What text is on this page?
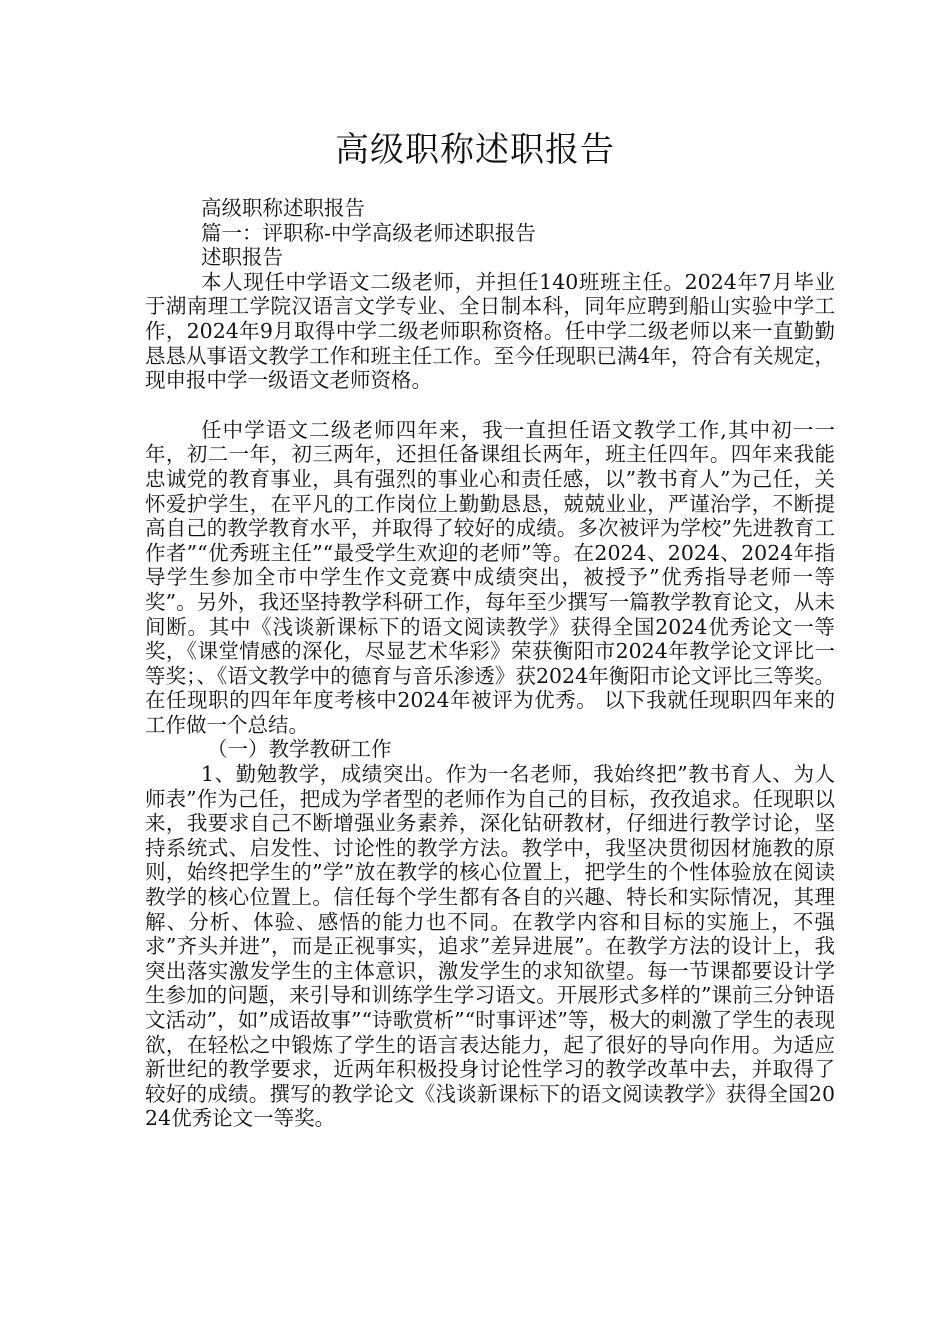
高级职称述职报告

高级职称述职报告

篇一：评职称-中学高级老师述职报告

述职报告

本人现任中学语文二级老师，并担任140班班主任。2024年7月毕业于湖南理工学院汉语言文学专业、全日制本科，同年应聘到船山实验中学工作，2024年9月取得中学二级老师职称资格。任中学二级老师以来一直勤勤恳恳从事语文教学工作和班主任工作。至今任现职已满4年，符合有关规定，现申报中学一级语文老师资格。

任中学语文二级老师四年来，我一直担任语文教学工作,其中初一一年，初二一年，初三两年，还担任备课组长两年，班主任四年。四年来我能忠诚党的教育事业，具有强烈的事业心和责任感，以”教书育人”为己任，关怀爱护学生，在平凡的工作岗位上勤勤恳恳，兢兢业业，严谨治学，不断提高自己的教学教育水平，并取得了较好的成绩。多次被评为学校”先进教育工作者”“优秀班主任”“最受学生欢迎的老师”等。在2024、2024、2024年指导学生参加全市中学生作文竞赛中成绩突出，被授予”优秀指导老师一等奖”。另外，我还坚持教学科研工作，每年至少撰写一篇教学教育论文，从未间断。其中《浅谈新课标下的语文阅读教学》获得全国2024优秀论文一等奖，《课堂情感的深化，尽显艺术华彩》荣获衡阳市2024年教学论文评比一等奖；、《语文教学中的德育与音乐渗透》获2024年衡阳市论文评比三等奖。在任现职的四年年度考核中2024年被评为优秀。 以下我就任现职四年来的工作做一个总结。

（一）教学教研工作

1、勤勉教学，成绩突出。作为一名老师，我始终把”教书育人、为人师表”作为己任，把成为学者型的老师作为自己的目标，孜孜追求。任现职以来，我要求自己不断增强业务素养，深化钻研教材，仔细进行教学讨论，坚持系统式、启发性、讨论性的教学方法。教学中，我坚决贯彻因材施教的原则，始终把学生的”学”放在教学的核心位置上，把学生的个性体验放在阅读教学的核心位置上。信任每个学生都有各自的兴趣、特长和实际情况，其理解、分析、体验、感悟的能力也不同。在教学内容和目标的实施上，不强求”齐头并进”，而是正视事实，追求”差异进展”。在教学方法的设计上，我突出落实激发学生的主体意识，激发学生的求知欲望。每一节课都要设计学生参加的问题，来引导和训练学生学习语文。开展形式多样的”课前三分钟语文活动”，如”成语故事”“诗歌赏析”“时事评述”等，极大的刺激了学生的表现欲，在轻松之中锻炼了学生的语言表达能力，起了很好的导向作用。为适应新世纪的教学要求，近两年积极投身讨论性学习的教学改革中去，并取得了较好的成绩。撰写的教学论文《浅谈新课标下的语文阅读教学》获得全国2024优秀论文一等奖。
